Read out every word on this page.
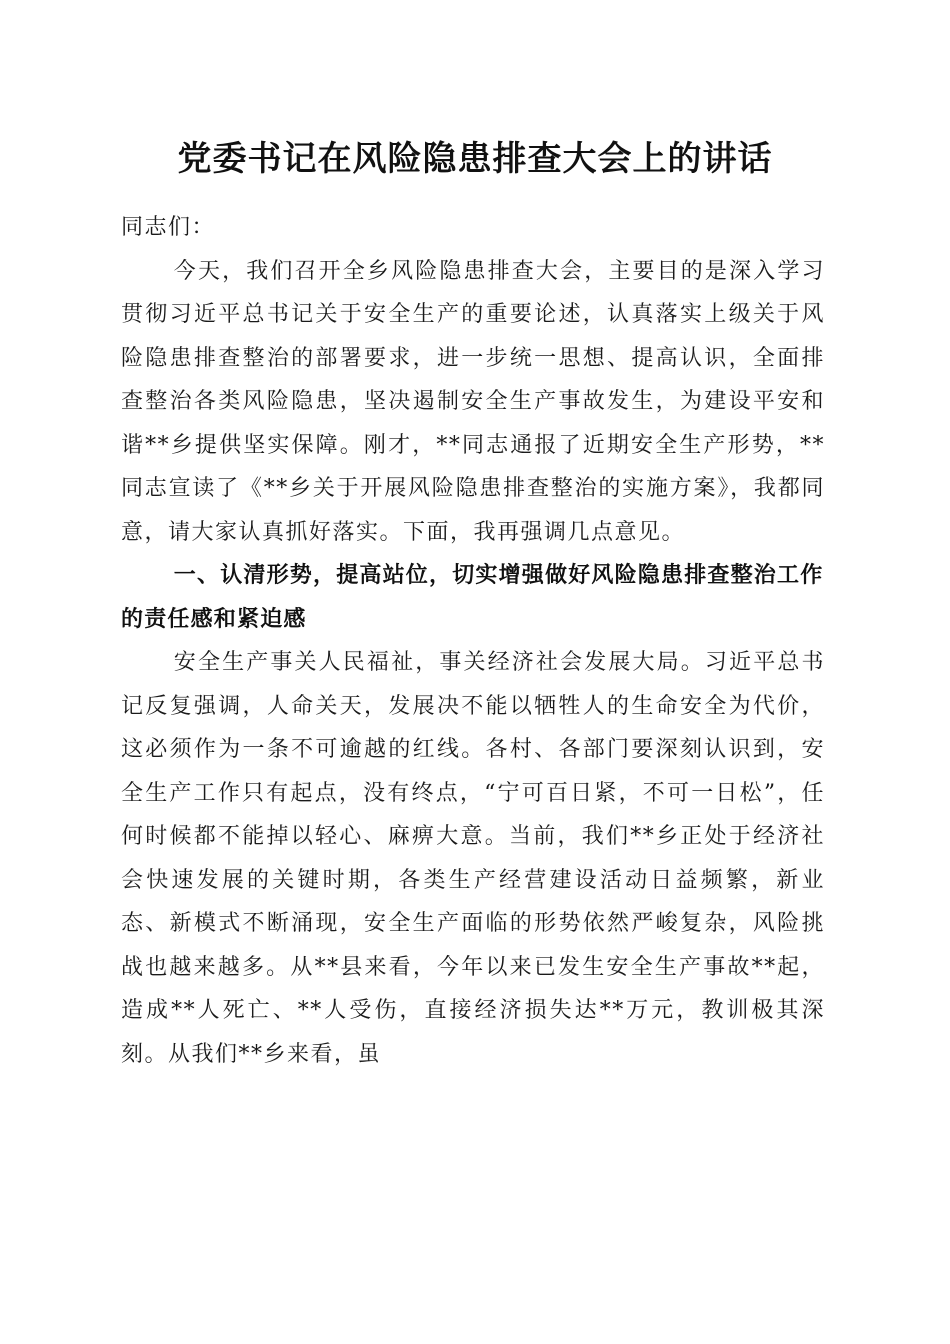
党委书记在风险隐患排查大会上的讲话

同志们：

今天，我们召开全乡风险隐患排查大会，主要目的是深入学习贯彻习近平总书记关于安全生产的重要论述，认真落实上级关于风险隐患排查整治的部署要求，进一步统一思想、提高认识，全面排查整治各类风险隐患，坚决遏制安全生产事故发生，为建设平安和谐**乡提供坚实保障。刚才，**同志通报了近期安全生产形势，**同志宣读了《**乡关于开展风险隐患排查整治的实施方案》，我都同意，请大家认真抓好落实。下面，我再强调几点意见。

一、认清形势，提高站位，切实增强做好风险隐患排查整治工作的责任感和紧迫感

安全生产事关人民福祉，事关经济社会发展大局。习近平总书记反复强调，人命关天，发展决不能以牺牲人的生命安全为代价，这必须作为一条不可逾越的红线。各村、各部门要深刻认识到，安全生产工作只有起点，没有终点，“宁可百日紧，不可一日松”，任何时候都不能掉以轻心、麻痹大意。当前，我们**乡正处于经济社会快速发展的关键时期，各类生产经营建设活动日益频繁，新业态、新模式不断涌现，安全生产面临的形势依然严峻复杂，风险挑战也越来越多。从**县来看，今年以来已发生安全生产事故**起，造成**人死亡、**人受伤，直接经济损失达**万元，教训极其深刻。从我们**乡来看，虽
